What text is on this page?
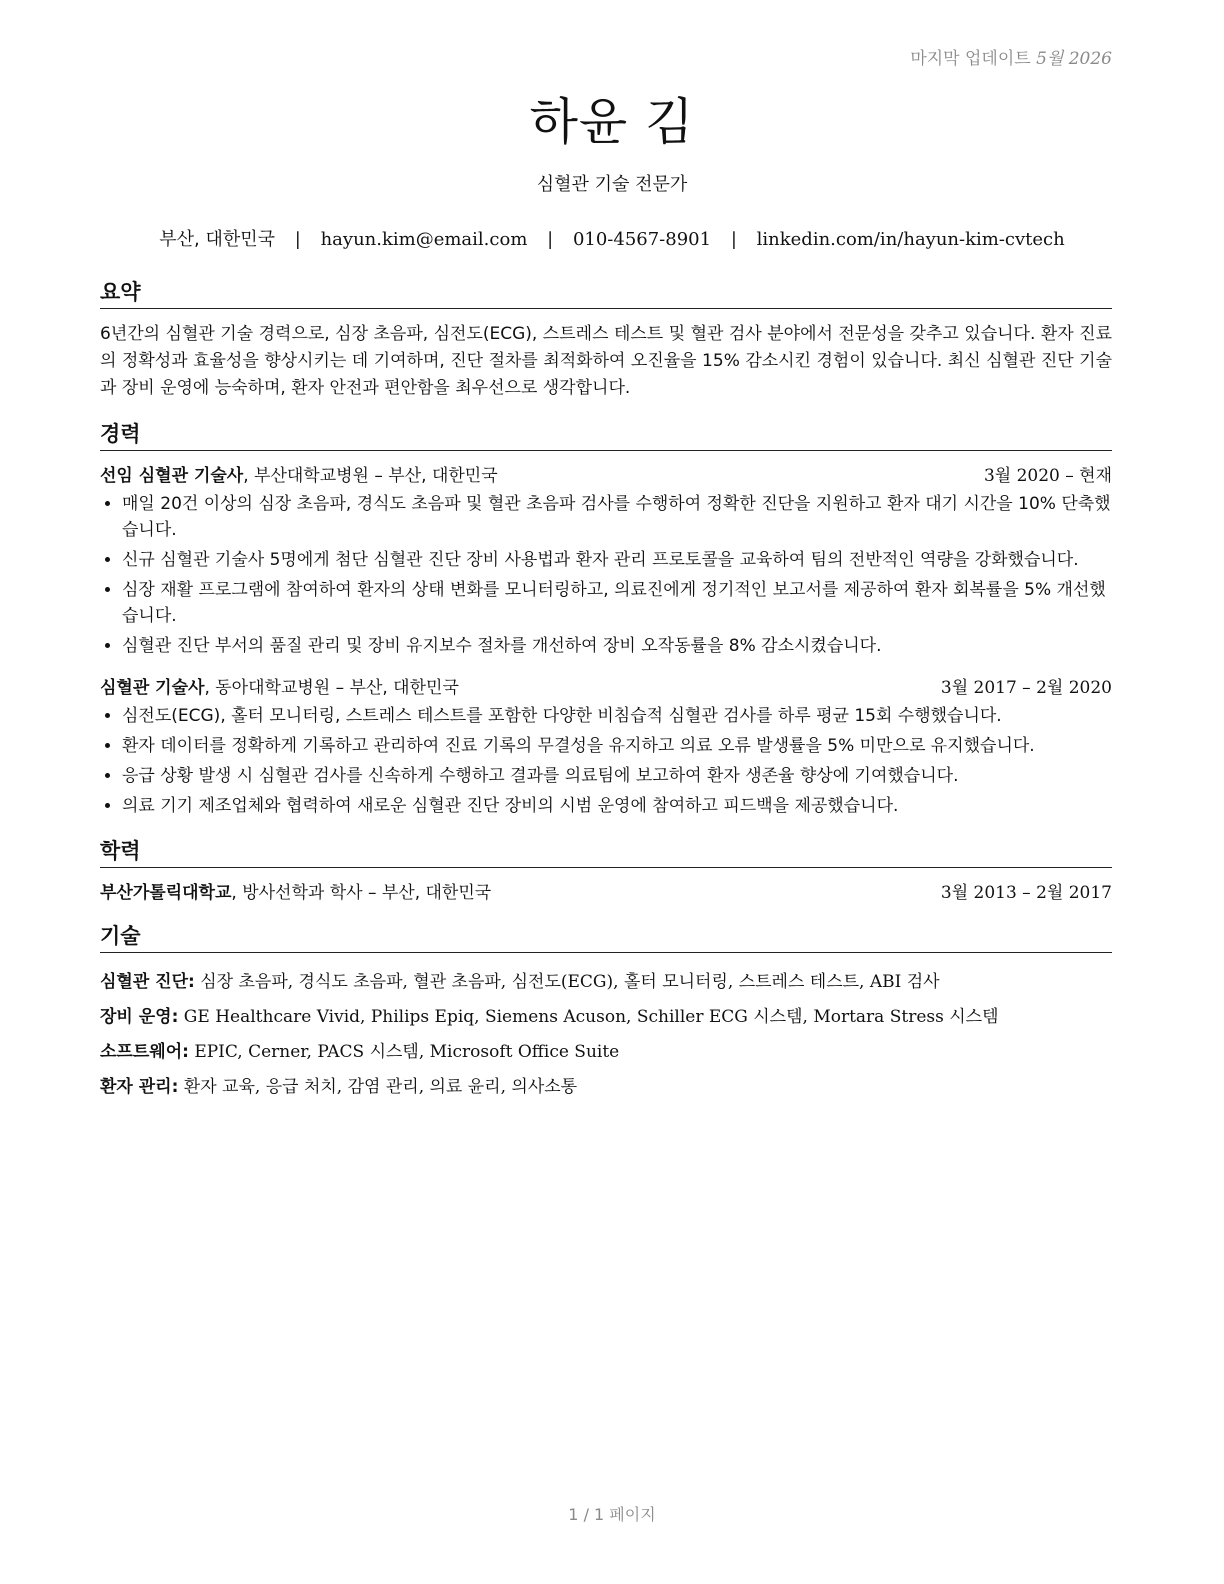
마지막 업데이트 5월 2026
하윤 김
심혈관 기술 전문가
부산, 대한민국 | hayun.kim@email.com | 010-4567-8901 | linkedin.com/in/hayun-kim-cvtech
요약

6년간의 심혈관 기술 경력으로, 심장 초음파, 심전도(ECG), 스트레스 테스트 및 혈관 검사 분야에서 전문성을 갖추고 있습니다. 환자 진료의 정확성과 효율성을 향상시키는 데 기여하며, 진단 절차를 최적화하여 오진율을 15% 감소시킨 경험이 있습니다. 최신 심혈관 진단 기술과 장비 운영에 능숙하며, 환자 안전과 편안함을 최우선으로 생각합니다.

경력
선임 심혈관 기술사, 부산대학교병원 – 부산, 대한민국	3월 2020 – 현재
• 매일 20건 이상의 심장 초음파, 경식도 초음파 및 혈관 초음파 검사를 수행하여 정확한 진단을 지원하고 환자 대기 시간을 10% 단축했습니다.
• 신규 심혈관 기술사 5명에게 첨단 심혈관 진단 장비 사용법과 환자 관리 프로토콜을 교육하여 팀의 전반적인 역량을 강화했습니다.
• 심장 재활 프로그램에 참여하여 환자의 상태 변화를 모니터링하고, 의료진에게 정기적인 보고서를 제공하여 환자 회복률을 5% 개선했습니다.
• 심혈관 진단 부서의 품질 관리 및 장비 유지보수 절차를 개선하여 장비 오작동률을 8% 감소시켰습니다.
심혈관 기술사, 동아대학교병원 – 부산, 대한민국	3월 2017 – 2월 2020
• 심전도(ECG), 홀터 모니터링, 스트레스 테스트를 포함한 다양한 비침습적 심혈관 검사를 하루 평균 15회 수행했습니다.
• 환자 데이터를 정확하게 기록하고 관리하여 진료 기록의 무결성을 유지하고 의료 오류 발생률을 5% 미만으로 유지했습니다.
• 응급 상황 발생 시 심혈관 검사를 신속하게 수행하고 결과를 의료팀에 보고하여 환자 생존율 향상에 기여했습니다.
• 의료 기기 제조업체와 협력하여 새로운 심혈관 진단 장비의 시범 운영에 참여하고 피드백을 제공했습니다.
학력
부산가톨릭대학교, 방사선학과 학사 – 부산, 대한민국	3월 2013 – 2월 2017
기술
심혈관 진단: 심장 초음파, 경식도 초음파, 혈관 초음파, 심전도(ECG), 홀터 모니터링, 스트레스 테스트, ABI 검사
장비 운영: GE Healthcare Vivid, Philips Epiq, Siemens Acuson, Schiller ECG 시스템, Mortara Stress 시스템
소프트웨어: EPIC, Cerner, PACS 시스템, Microsoft Office Suite
환자 관리: 환자 교육, 응급 처치, 감염 관리, 의료 윤리, 의사소통
1 / 1 페이지
